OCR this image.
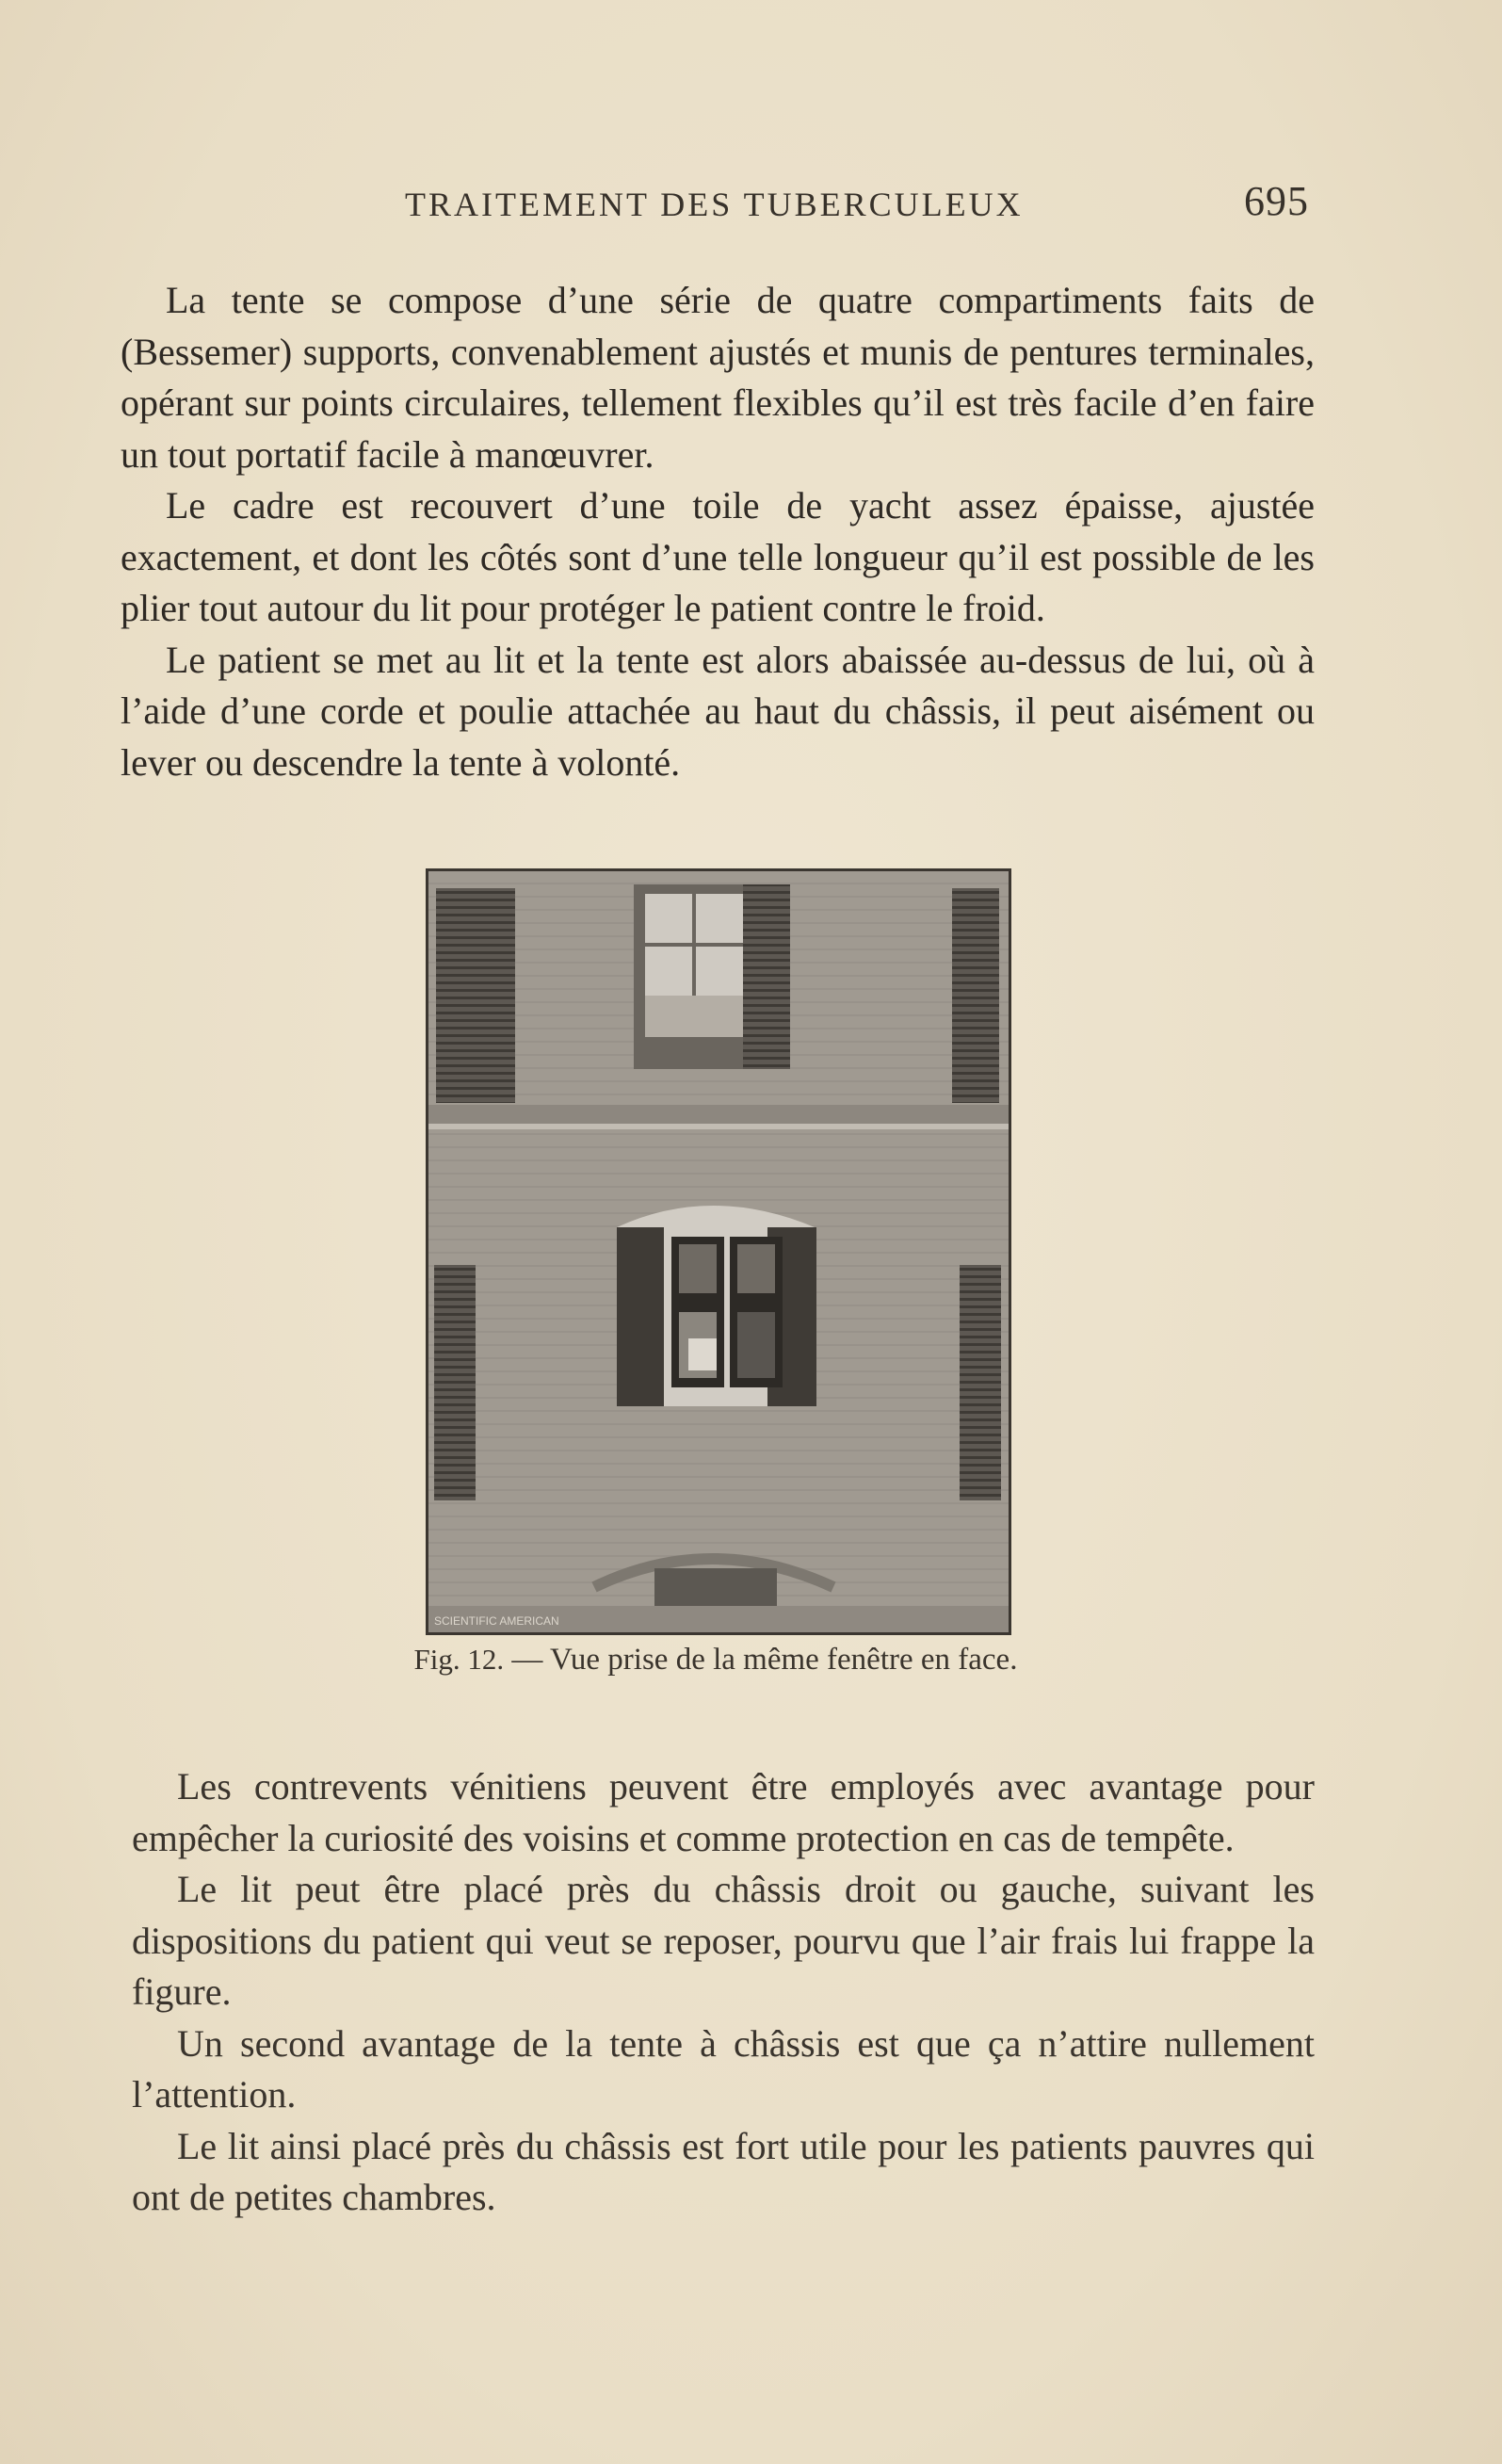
TRAITEMENT DES TUBERCULEUX	695

La tente se compose d’une série de quatre compartiments faits de (Bessemer) supports, convenablement ajustés et munis de pentures terminales, opérant sur points circulaires, tellement flexibles qu’il est très facile d’en faire un tout portatif facile à manœuvrer.

Le cadre est recouvert d’une toile de yacht assez épaisse, ajustée exactement, et dont les côtés sont d’une telle longueur qu’il est possible de les plier tout autour du lit pour protéger le patient contre le froid.

Le patient se met au lit et la tente est alors abaissée au-dessus de lui, où à l’aide d’une corde et poulie attachée au haut du châssis, il peut aisément ou lever ou descendre la tente à volonté.

SCIENTIFIC AMERICAN
Fig. 12. — Vue prise de la même fenêtre en face.

Les contrevents vénitiens peuvent être employés avec avantage pour empêcher la curiosité des voisins et comme protection en cas de tempête.

Le lit peut être placé près du châssis droit ou gauche, suivant les dispositions du patient qui veut se reposer, pourvu que l’air frais lui frappe la figure.

Un second avantage de la tente à châssis est que ça n’attire nullement l’attention.

Le lit ainsi placé près du châssis est fort utile pour les patients pauvres qui ont de petites chambres.
